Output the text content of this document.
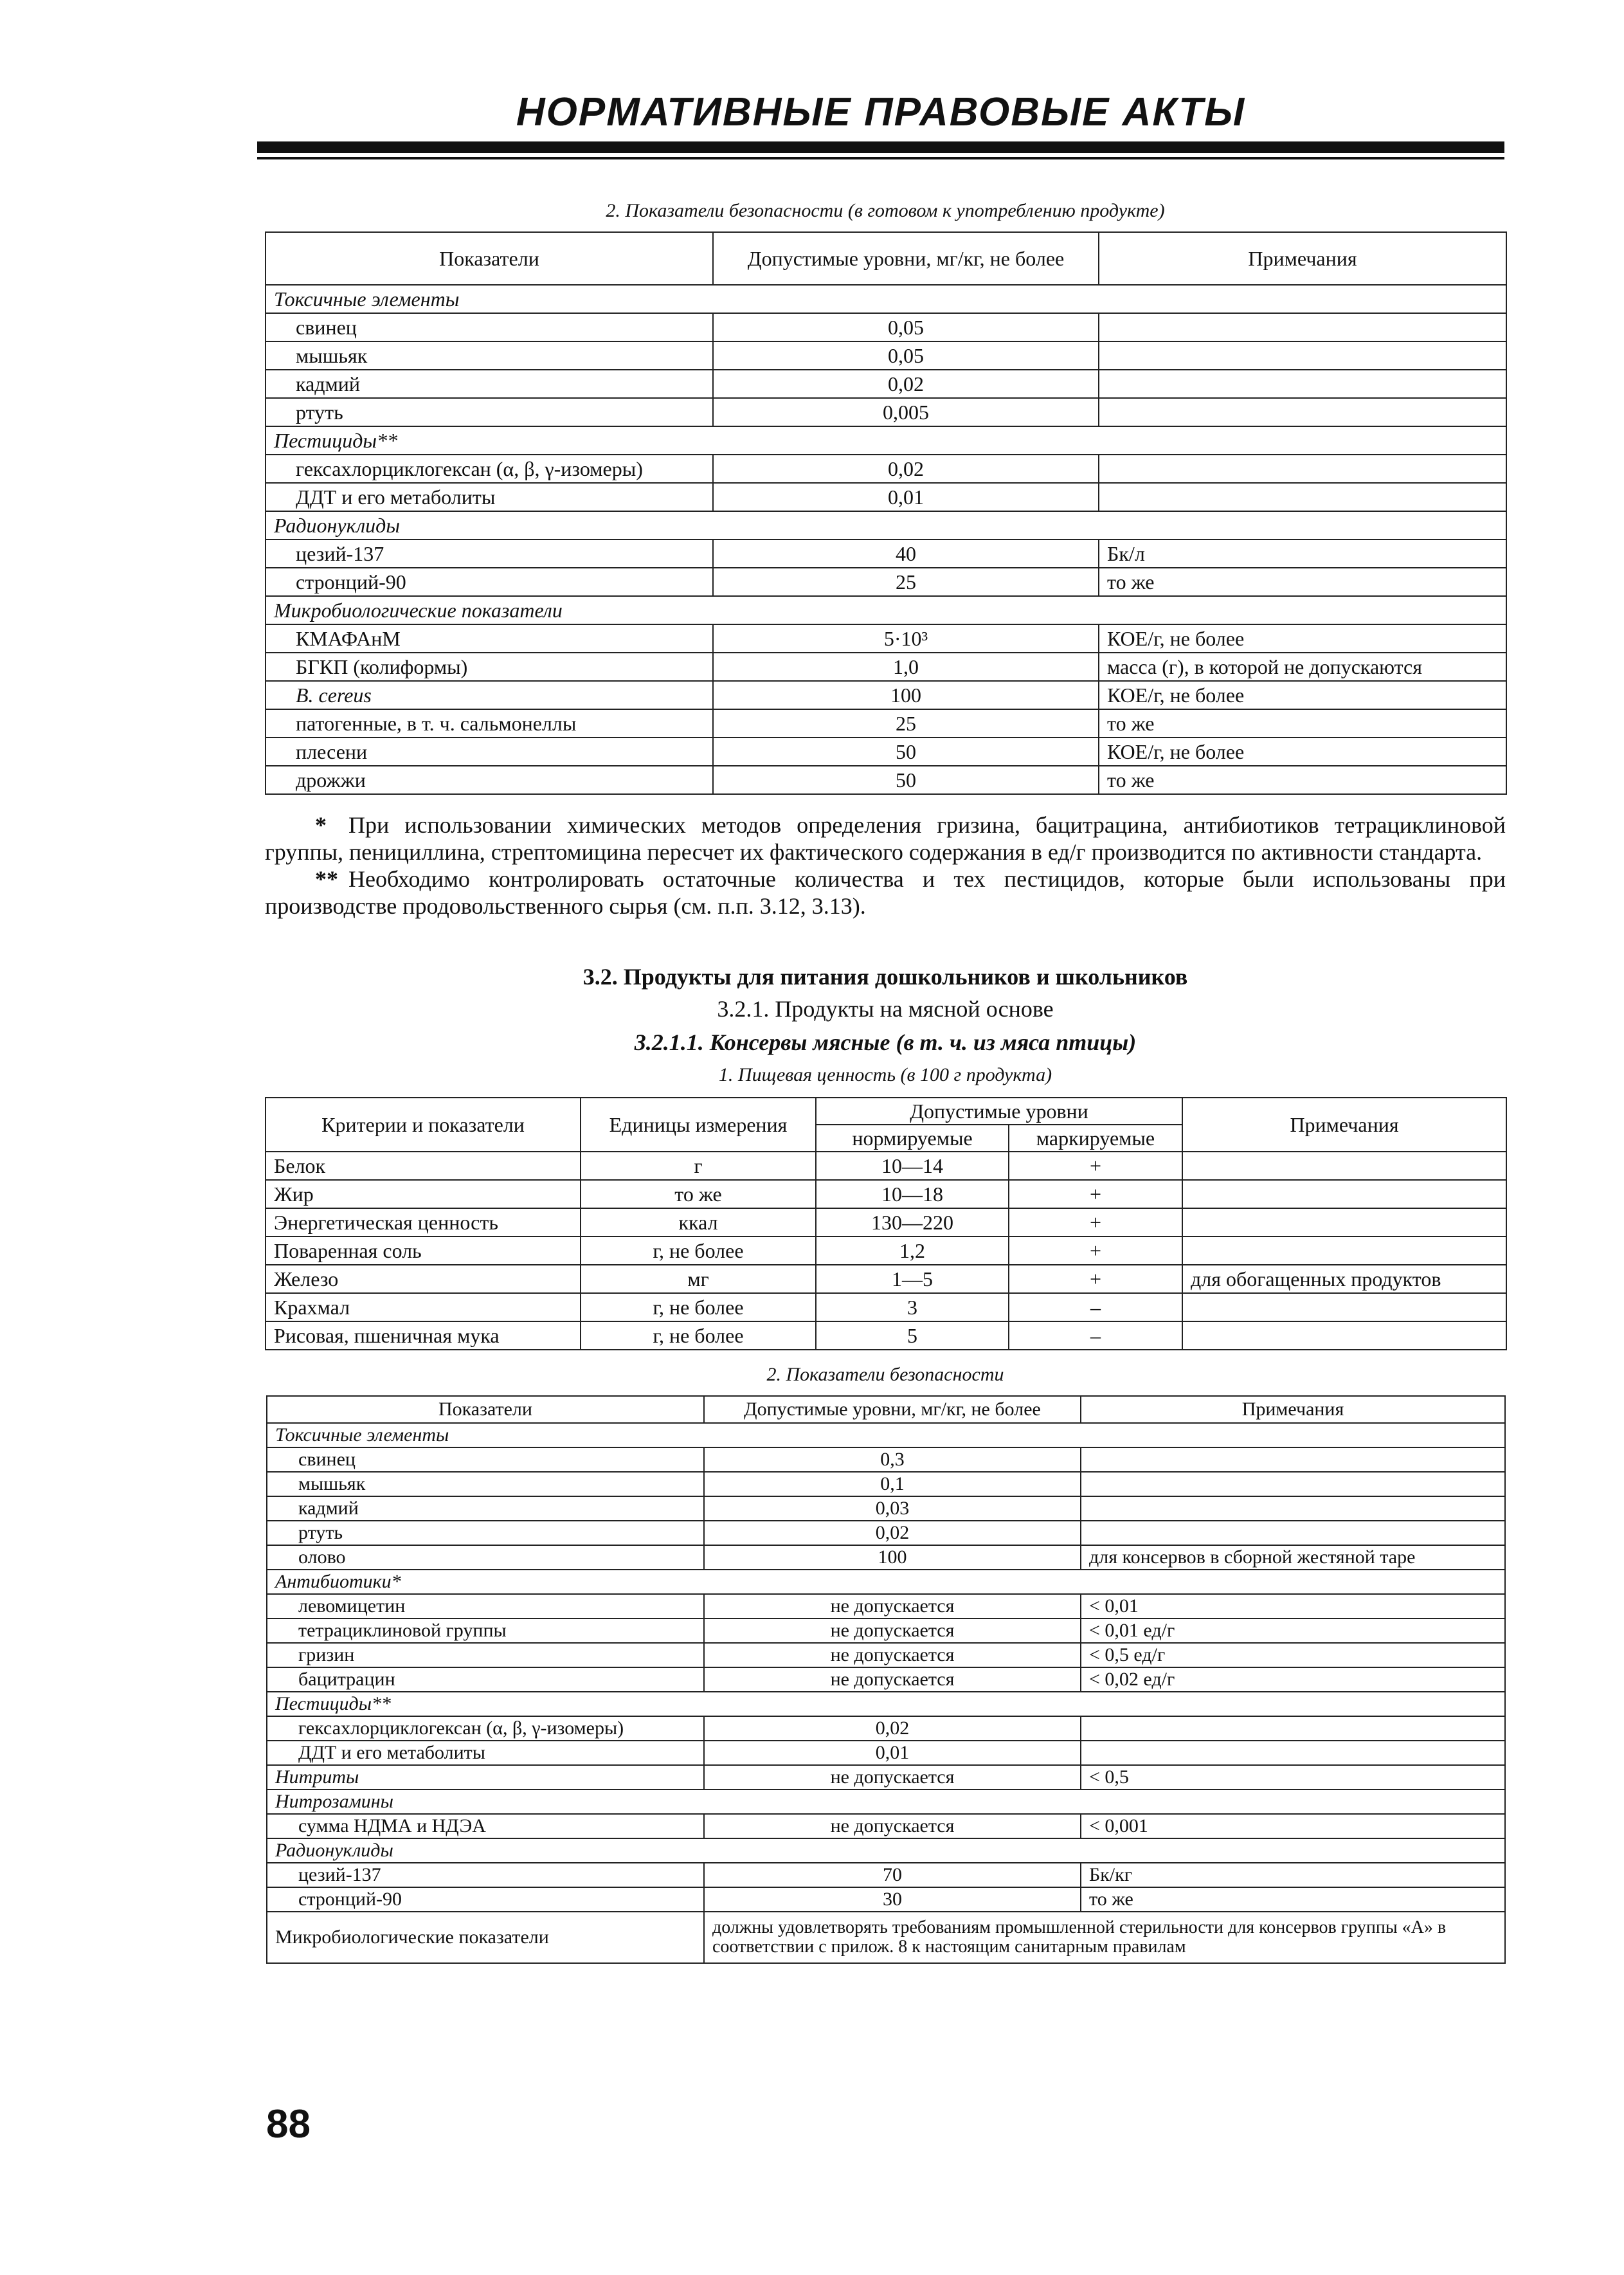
НОРМАТИВНЫЕ ПРАВОВЫЕ АКТЫ
2. Показатели безопасности (в готовом к употреблению продукте)
Показатели	Допустимые уровни, мг/кг, не более	Примечания
Токсичные элементы		
свинец	0,05	
мышьяк	0,05	
кадмий	0,02	
ртуть	0,005	
Пестициды**		
гексахлорциклогексан (α, β, γ-изомеры)	0,02	
ДДТ и его метаболиты	0,01	
Радионуклиды		
цезий-137	40	Бк/л
стронций-90	25	то же
Микробиологические показатели		
КМАФАнМ	5·10³	КОЕ/г, не более
БГКП (колиформы)	1,0	масса (г), в которой не допускаются
B. cereus	100	КОЕ/г, не более
патогенные, в т. ч. сальмонеллы	25	то же
плесени	50	КОЕ/г, не более
дрожжи	50	то же

* При использовании химических методов определения гризина, бацитрацина, антибиотиков тетрациклиновой группы, пенициллина, стрептомицина пересчет их фактического содержания в ед/г производится по активности стандарта.

** Необходимо контролировать остаточные количества и тех пестицидов, которые были использованы при производстве продовольственного сырья (см. п.п. 3.12, 3.13).

3.2. Продукты для питания дошкольников и школьников
3.2.1. Продукты на мясной основе
3.2.1.1. Консервы мясные (в т. ч. из мяса птицы)
1. Пищевая ценность (в 100 г продукта)
Критерии и показатели	Единицы измерения	Допустимые уровни		Примечания
		нормируемые	маркируемые	
Белок	г	10—14	+	
Жир	то же	10—18	+	
Энергетическая ценность	ккал	130—220	+	
Поваренная соль	г, не более	1,2	+	
Железо	мг	1—5	+	для обогащенных продуктов
Крахмал	г, не более	3	–	
Рисовая, пшеничная мука	г, не более	5	–	
2. Показатели безопасности
Показатели	Допустимые уровни, мг/кг, не более	Примечания
Токсичные элементы		
свинец	0,3	
мышьяк	0,1	
кадмий	0,03	
ртуть	0,02	
олово	100	для консервов в сборной жестяной таре
Антибиотики*		
левомицетин	не допускается	< 0,01
тетрациклиновой группы	не допускается	< 0,01 ед/г
гризин	не допускается	< 0,5 ед/г
бацитрацин	не допускается	< 0,02 ед/г
Пестициды**		
гексахлорциклогексан (α, β, γ-изомеры)	0,02	
ДДТ и его метаболиты	0,01	
Нитриты	не допускается	< 0,5
Нитрозамины		
сумма НДМА и НДЭА	не допускается	< 0,001
Радионуклиды		
цезий-137	70	Бк/кг
стронций-90	30	то же
Микробиологические показатели	должны удовлетворять требованиям промышленной стерильности для консервов группы «А» в соответствии с прилож. 8 к настоящим санитарным правилам	
88
